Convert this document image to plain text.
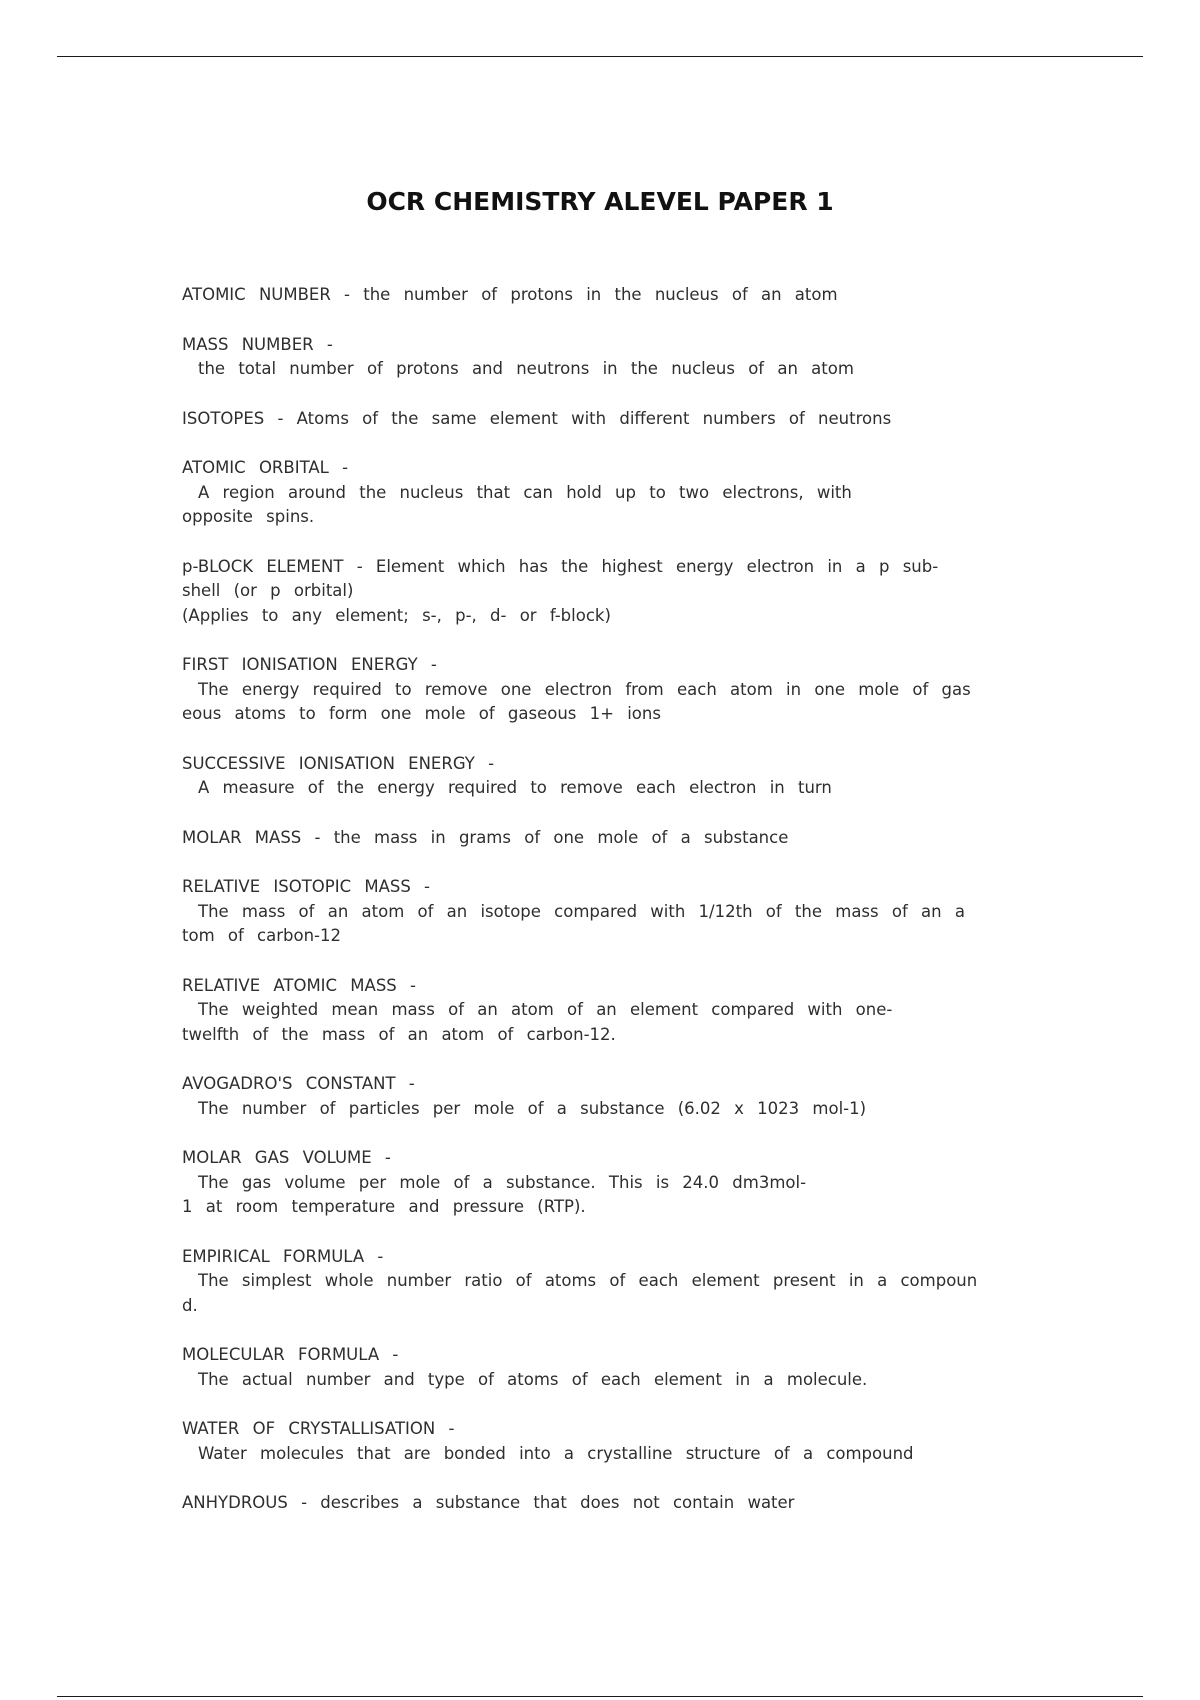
OCR CHEMISTRY ALEVEL PAPER 1
ATOMIC NUMBER - the number of protons in the nucleus of an atom
MASS NUMBER -
the total number of protons and neutrons in the nucleus of an atom
ISOTOPES - Atoms of the same element with different numbers of neutrons
ATOMIC ORBITAL -
A region around the nucleus that can hold up to two electrons, with
opposite spins.
p-BLOCK ELEMENT - Element which has the highest energy electron in a p sub-
shell (or p orbital)
(Applies to any element; s-, p-, d- or f-block)
FIRST IONISATION ENERGY -
The energy required to remove one electron from each atom in one mole of gas
eous atoms to form one mole of gaseous 1+ ions
SUCCESSIVE IONISATION ENERGY -
A measure of the energy required to remove each electron in turn
MOLAR MASS - the mass in grams of one mole of a substance
RELATIVE ISOTOPIC MASS -
The mass of an atom of an isotope compared with 1/12th of the mass of an a
tom of carbon-12
RELATIVE ATOMIC MASS -
The weighted mean mass of an atom of an element compared with one-
twelfth of the mass of an atom of carbon-12.
AVOGADRO'S CONSTANT -
The number of particles per mole of a substance (6.02 x 1023 mol-1)
MOLAR GAS VOLUME -
The gas volume per mole of a substance. This is 24.0 dm3mol-
1 at room temperature and pressure (RTP).
EMPIRICAL FORMULA -
The simplest whole number ratio of atoms of each element present in a compoun
d.
MOLECULAR FORMULA -
The actual number and type of atoms of each element in a molecule.
WATER OF CRYSTALLISATION -
Water molecules that are bonded into a crystalline structure of a compound
ANHYDROUS - describes a substance that does not contain water
